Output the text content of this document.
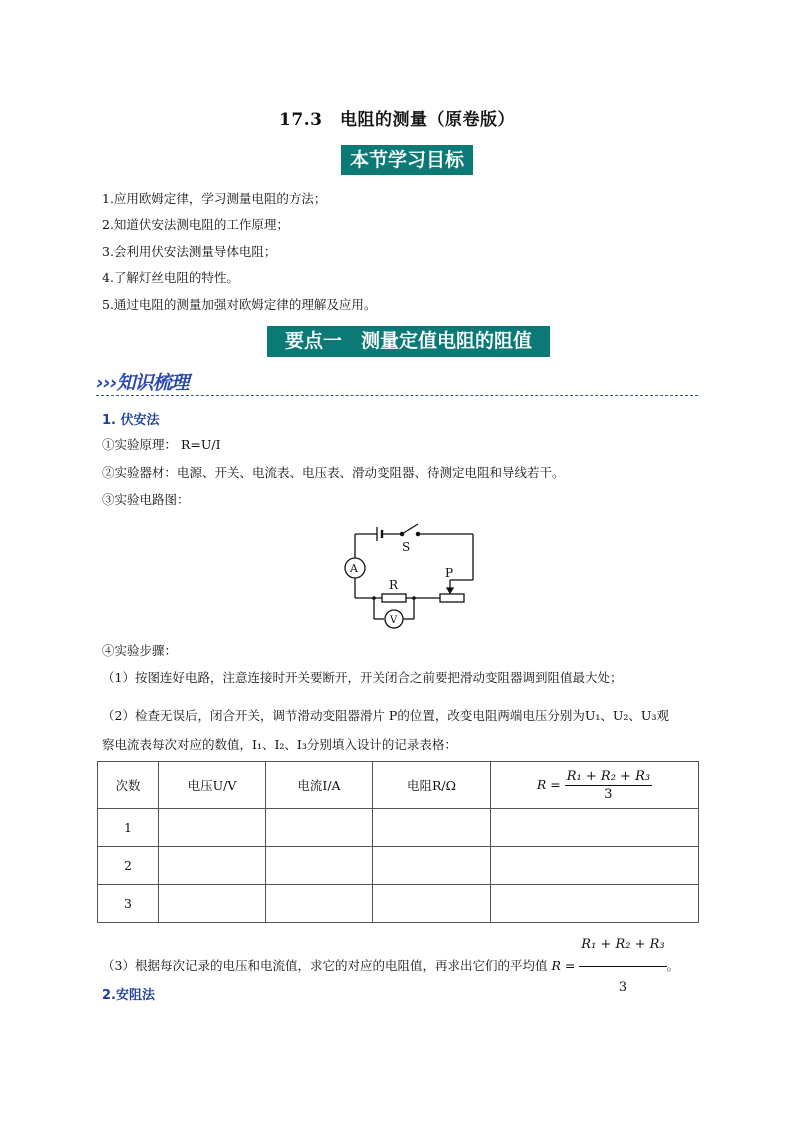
17.3　电阻的测量（原卷版）
本节学习目标
1.应用欧姆定律，学习测量电阻的方法；
2.知道伏安法测电阻的工作原理；
3.会利用伏安法测量导体电阻；
4.了解灯丝电阻的特性。
5.通过电阻的测量加强对欧姆定律的理解及应用。
要点一　测量定值电阻的阻值
›››知识梳理
1. 伏安法
①实验原理： R=U/I
②实验器材：电源、开关、电流表、电压表、滑动变阻器、待测定电阻和导线若干。
③实验电路图：
S
A
R
P
V
④实验步骤：
（1）按图连好电路，注意连接时开关要断开，开关闭合之前要把滑动变阻器调到阻值最大处；
（2）检查无误后，闭合开关，调节滑动变阻器滑片 P的位置，改变电阻两端电压分别为U₁、U₂、U₃观
察电流表每次对应的数值，I₁、I₂、I₃分别填入设计的记录表格：
次数	电压U/V	电流I/A	电阻R/Ω	$R = \frac{\text{R₁ + R₂ + R₃}}{3}$

1				
2				
3				
（3）根据每次记录的电压和电流值，求它的对应的电阻值，再求出它们的平均值 $R = \frac{\text{R₁ + R₂ + R₃}}{3}$ 。
2.安阻法
